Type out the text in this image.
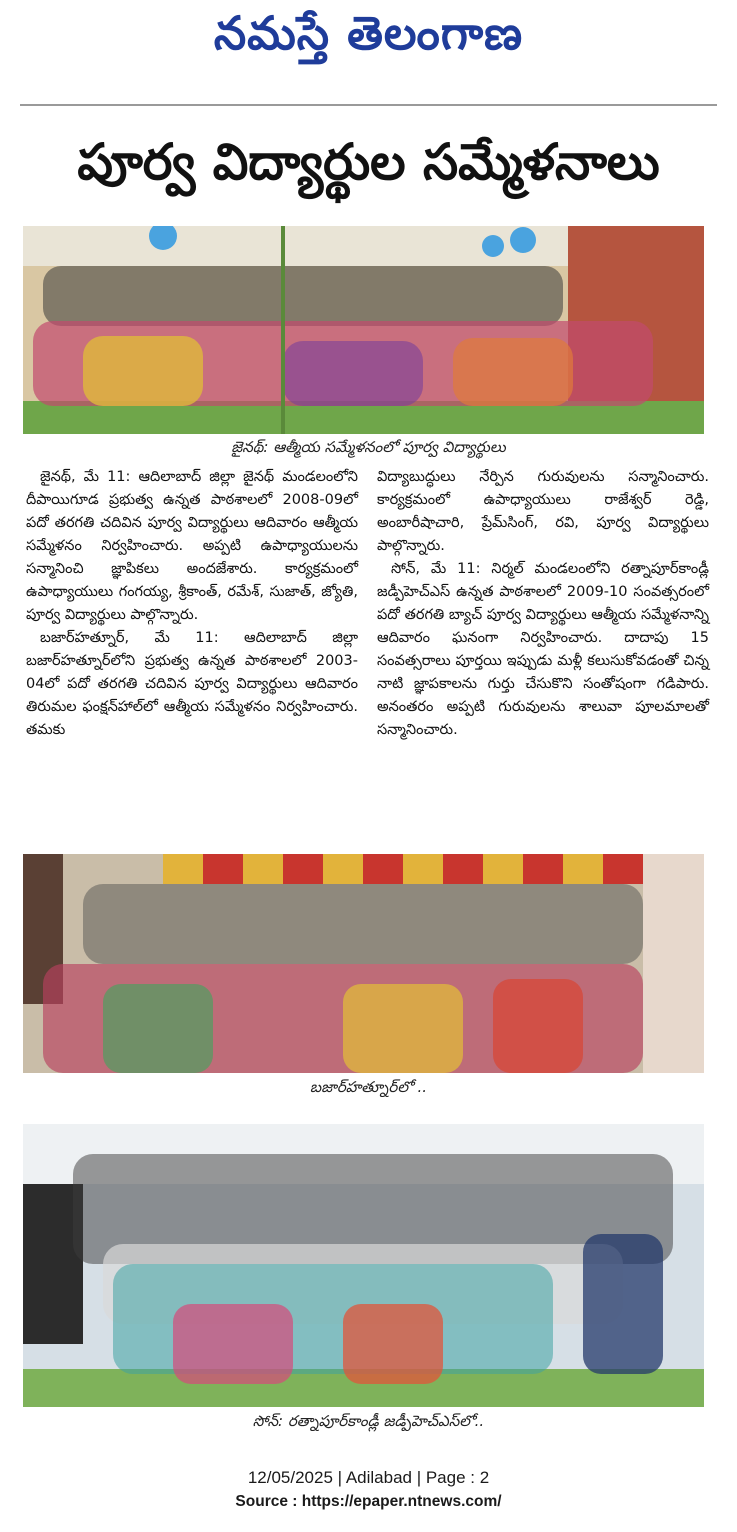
నమస్తే తెలంగాణ
పూర్వ విద్యార్థుల సమ్మేళనాలు
జైనథ్: ఆత్మీయ సమ్మేళనంలో పూర్వ విద్యార్థులు

జైనథ్, మే 11: ఆదిలాబాద్ జిల్లా జైనథ్ మండలంలోని దీపాయిగూడ ప్రభుత్వ ఉన్నత పాఠశాలలో 2008-09లో పదో తరగతి చదివిన పూర్వ విద్యార్థులు ఆదివారం ఆత్మీయ సమ్మేళనం నిర్వహించారు. అప్పటి ఉపాధ్యాయులను సన్మానించి జ్ఞాపికలు అందజేశారు. కార్యక్రమంలో ఉపాధ్యాయులు గంగయ్య, శ్రీకాంత్, రమేశ్, సుజాత్, జ్యోతి, పూర్వ విద్యార్థులు పాల్గొన్నారు.

బజార్‌హత్నూర్, మే 11: ఆదిలాబాద్ జిల్లా బజార్‌హత్నూర్‌లోని ప్రభుత్వ ఉన్నత పాఠశాలలో 2003-04లో పదో తరగతి చదివిన పూర్వ విద్యార్థులు ఆదివారం తిరుమల ఫంక్షన్‌హాల్‌లో ఆత్మీయ సమ్మేళనం నిర్వహించారు. తమకు

విద్యాబుద్ధులు నేర్పిన గురువులను సన్మానించారు. కార్యక్రమంలో ఉపాధ్యాయులు రాజేశ్వర్ రెడ్డి, అంబారీషాచారి, ప్రేమ్‌సింగ్, రవి, పూర్వ విద్యార్థులు పాల్గొన్నారు.

సోన్, మే 11: నిర్మల్ మండలంలోని రత్నాపూర్‌కాండ్లీ జడ్పీహెచ్‌ఎస్ ఉన్నత పాఠశాలలో 2009-10 సంవత్సరంలో పదో తరగతి బ్యాచ్ పూర్వ విద్యార్థులు ఆత్మీయ సమ్మేళనాన్ని ఆదివారం ఘనంగా నిర్వహించారు. దాదాపు 15 సంవత్సరాలు పూర్తయి ఇప్పుడు మళ్లీ కలుసుకోవడంతో చిన్న నాటి జ్ఞాపకాలను గుర్తు చేసుకొని సంతోషంగా గడిపారు. అనంతరం అప్పటి గురువులను శాలువా పూలమాలతో సన్మానించారు.

బజార్‌హత్నూర్‌లో ..
సోన్: రత్నాపూర్‌కాండ్లీ జడ్పీహెచ్‌ఎస్‌లో..
12/05/2025 | Adilabad | Page : 2
Source : https://epaper.ntnews.com/
